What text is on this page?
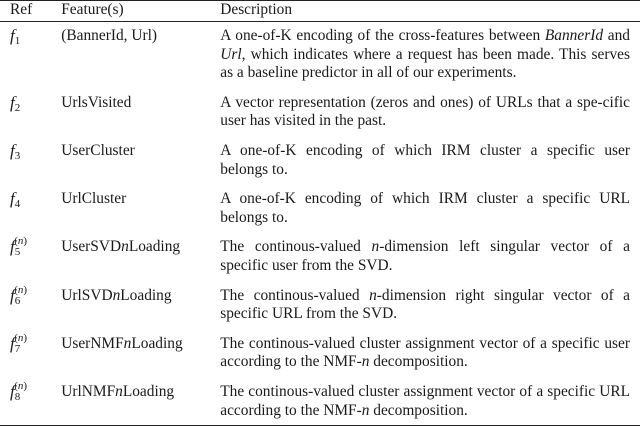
Ref	Feature(s)	Description
f1	(BannerId, Url)	A one-of-K encoding of the cross-features between BannerId and Url, which indicates where a request has been made. This serves as a baseline predictor in all of our experiments.
f2	UrlsVisited	A vector representation (zeros and ones) of URLs that a spe-cific user has visited in the past.
f3	UserCluster	A one-of-K encoding of which IRM cluster a specific user belongs to.
f4	UrlCluster	A one-of-K encoding of which IRM cluster a specific URL belongs to.
f5$^{(n)}$	UserSVDnLoading	The continous-valued n-dimension left singular vector of a specific user from the SVD.
f6$^{(n)}$	UrlSVDnLoading	The continous-valued n-dimension right singular vector of a specific URL from the SVD.
f7$^{(n)}$	UserNMFnLoading	The continous-valued cluster assignment vector of a specific user according to the NMF-n decomposition.
f8$^{(n)}$	UrlNMFnLoading	The continous-valued cluster assignment vector of a specific URL according to the NMF-n decomposition.
